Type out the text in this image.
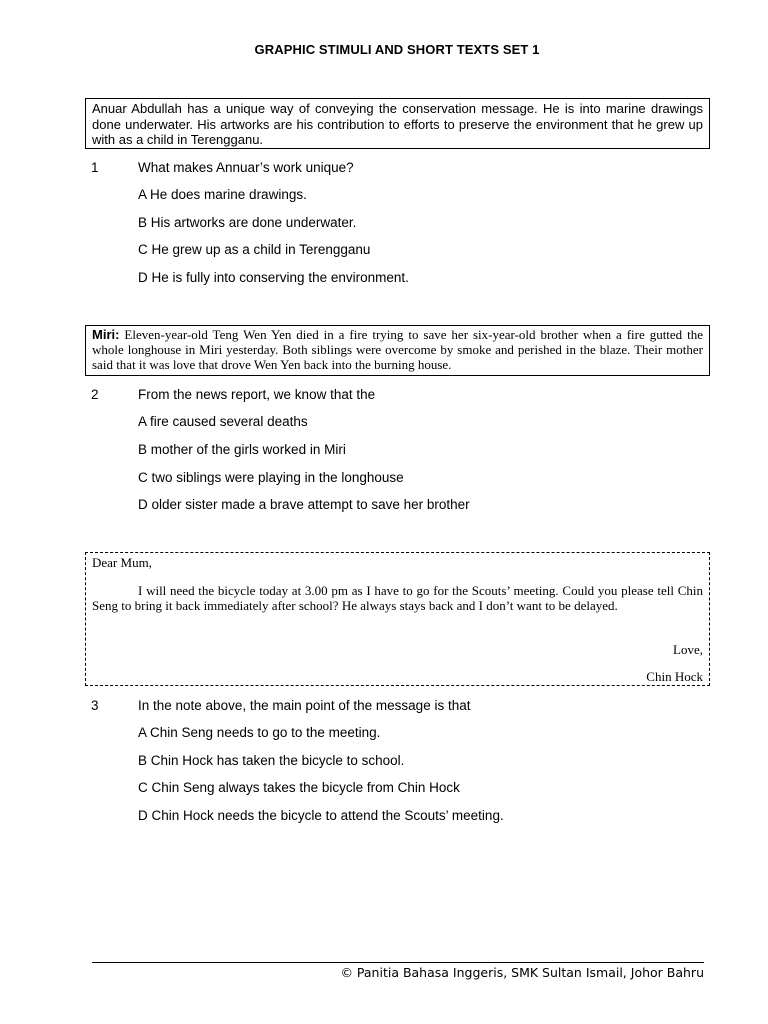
GRAPHIC STIMULI AND SHORT TEXTS SET 1
Anuar Abdullah has a unique way of conveying the conservation message. He is into marine drawings done underwater. His artworks are his contribution to efforts to preserve the environment that he grew up with as a child in Terengganu.
1	What makes Annuar’s work unique?
A He does marine drawings.
B His artworks are done underwater.
C He grew up as a child in Terengganu
D He is fully into conserving the environment.
Miri: Eleven-year-old Teng Wen Yen died in a fire trying to save her six-year-old brother when a fire gutted the whole longhouse in Miri yesterday. Both siblings were overcome by smoke and perished in the blaze. Their mother said that it was love that drove Wen Yen back into the burning house.
2	From the news report, we know that the
A fire caused several deaths
B mother of the girls worked in Miri
C two siblings were playing in the longhouse
D older sister made a brave attempt to save her brother

Dear Mum,

I will need the bicycle today at 3.00 pm as I have to go for the Scouts’ meeting. Could you please tell Chin Seng to bring it back immediately after school? He always stays back and I don’t want to be delayed.

Love,

Chin Hock

3	In the note above, the main point of the message is that
A Chin Seng needs to go to the meeting.
B Chin Hock has taken the bicycle to school.
C Chin Seng always takes the bicycle from Chin Hock
D Chin Hock needs the bicycle to attend the Scouts’ meeting.
© Panitia Bahasa Inggeris, SMK Sultan Ismail, Johor Bahru
